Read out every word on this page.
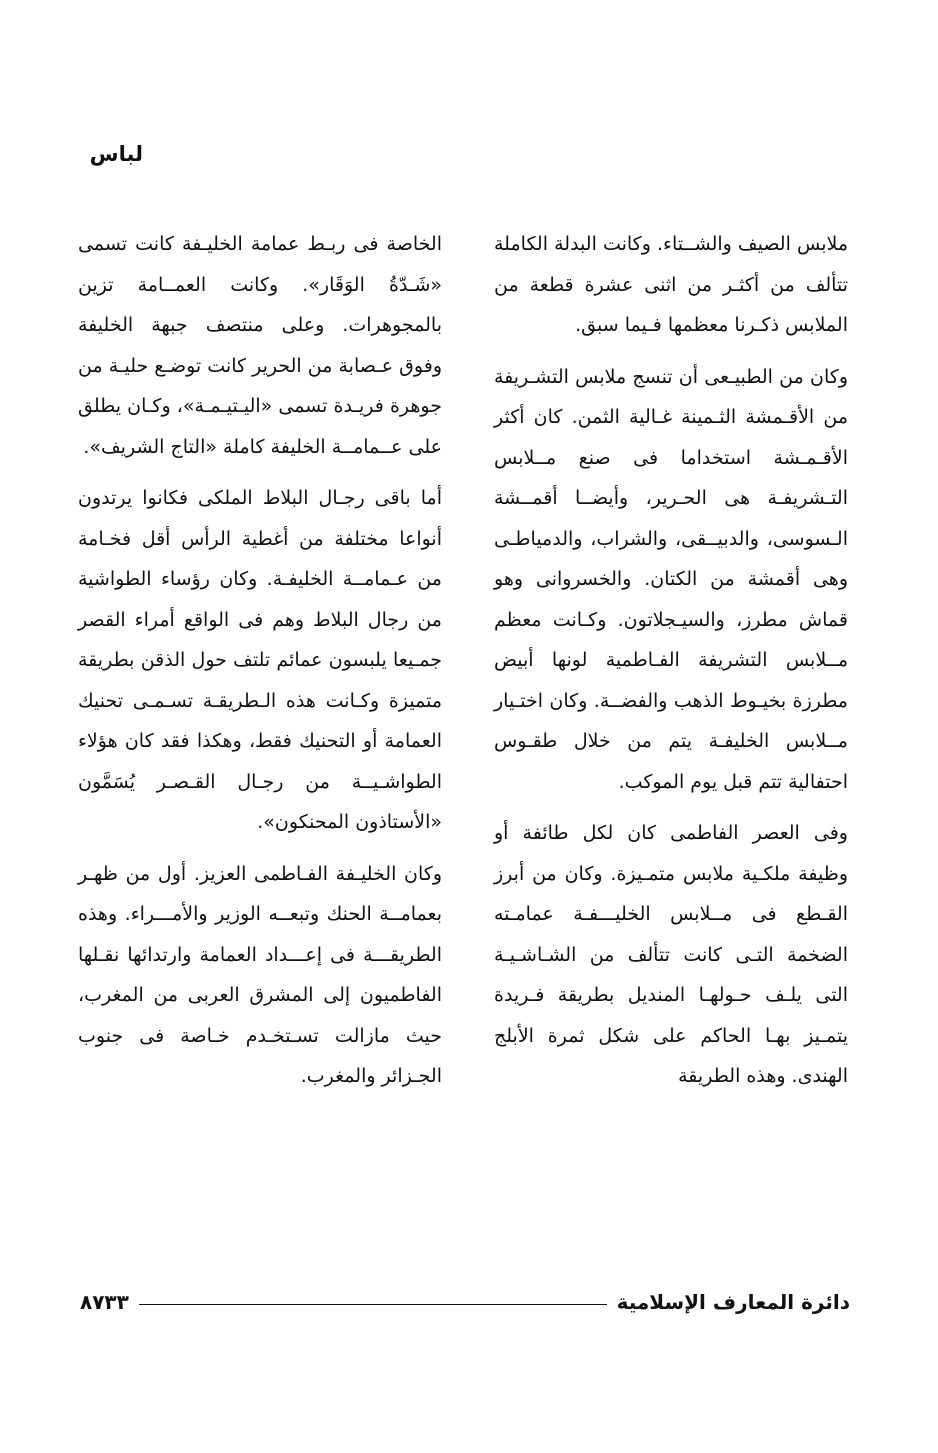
لباس

ملابس الصيف والشــتاء. وكانت البدلة الكاملة تتألف من أكثـر من اثنى عشرة قطعة من الملابس ذكـرنا معظمها فـيما سبق.

وكان من الطبيـعى أن تنسج ملابس التشـريفة من الأقـمشة الثـمينة غـالية الثمن. كان أكثر الأقـمـشة استخداما فى صنع مــلابس التـشريفـة هى الحـرير، وأيضــا أقمــشة الـسوسى، والدبيــقى، والشراب، والدمياطـى وهى أقمشة من الكتان. والخسروانى وهو قماش مطرز، والسيـجلاتون. وكـانت معظم مــلابس التشريفة الفـاطمية لونها أبيض مطرزة بخيـوط الذهب والفضــة. وكان اختـيار مــلابس الخليفـة يتم من خلال طقـوس احتفالية تتم قبل يوم الموكب.

وفى العصر الفاطمى كان لكل طائفة أو وظيفة ملكـية ملابس متمـيزة. وكان من أبرز القـطع فى مــلابس الخليـــفـة عمامـته الضخمة التـى كانت تتألف من الشـاشـيـة التى يلـف حـولهـا المنديل بطريقة فـريدة يتمـيز بهـا الحاكم على شكل ثمرة الأبلج الهندى. وهذه الطريقة

الخاصة فى ربـط عمامة الخليـفة كانت تسمى «شَـدّةُ الوَقَار». وكانت العمــامة تزين بالمجوهرات. وعلى منتصف جبهة الخليفة وفوق عـصابة من الحرير كانت توضـع حليـة من جوهرة فريـدة تسمى «اليـتيـمـة»، وكـان يطلق على عــمامــة الخليفة كاملة «التاج الشريف».

أما باقى رجـال البلاط الملكى فكانوا يرتدون أنواعا مختلفة من أغطية الرأس أقل فخـامة من عـمامــة الخليفـة. وكان رؤساء الطواشية من رجال البلاط وهم فى الواقع أمراء القصر جمـيعا يلبسون عمائم تلتف حول الذقن بطريقة متميزة وكـانت هذه الـطريقـة تسـمـى تحنيك العمامة أو التحنيك فقط، وهكذا فقد كان هؤلاء الطواشـيــة من رجـال القـصـر يُسَمَّون «الأستاذون المحنكون».

وكان الخليـفة الفـاطمى العزيز. أول من ظهـر بعمامــة الحنك وتبعــه الوزير والأمـــراء. وهذه الطريقـــة فى إعـــداد العمامة وارتدائها نقـلها الفاطميون إلى المشرق العربى من المغرب، حيث مازالت تسـتخـدم خـاصة فى جنوب الجـزائر والمغرب.

دائرة المعارف الإسلامية
٨٧٣٣
